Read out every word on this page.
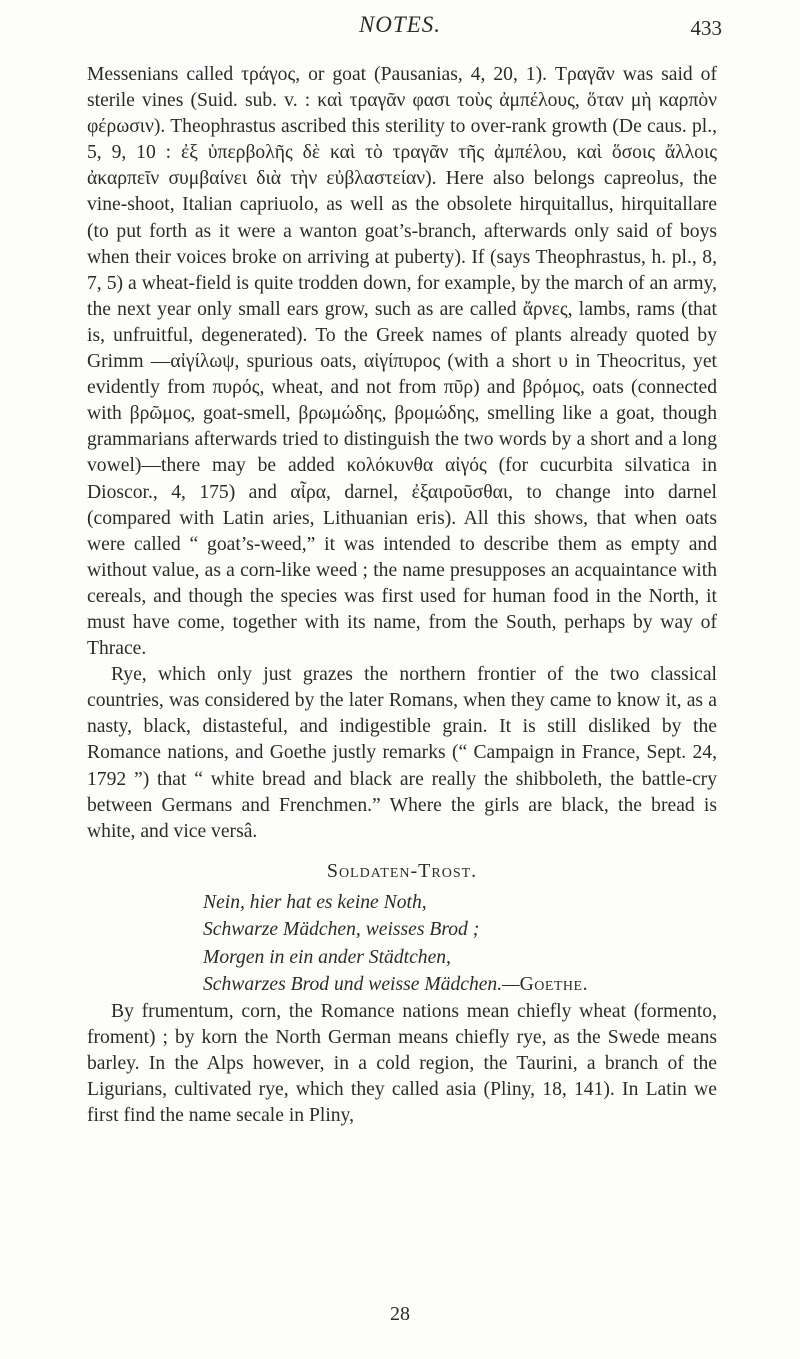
NOTES.	433

Messenians called τράγος, or goat (Pausanias, 4, 20, 1). Τραγᾶν was said of sterile vines (Suid. sub. v. : καὶ τραγᾶν φασι τοὺς ἀμπέλους, ὅταν μὴ καρπὸν φέρωσιν). Theophrastus ascribed this sterility to over-rank growth (De caus. pl., 5, 9, 10 : ἐξ ὑπερβολῆς δὲ καὶ τὸ τραγᾶν τῆς ἀμπέλου, καὶ ὅσοις ἄλλοις ἀκαρπεῖν συμβαίνει διὰ τὴν εὐβλαστείαν). Here also belongs capreolus, the vine-shoot, Italian capriuolo, as well as the obsolete hirquitallus, hirquitallare (to put forth as it were a wanton goat’s-branch, afterwards only said of boys when their voices broke on arriving at puberty). If (says Theophrastus, h. pl., 8, 7, 5) a wheat-field is quite trodden down, for example, by the march of an army, the next year only small ears grow, such as are called ἄρνες, lambs, rams (that is, unfruitful, degenerated). To the Greek names of plants already quoted by Grimm —αἰγίλωψ, spurious oats, αἰγίπυρος (with a short υ in Theocritus, yet evidently from πυρός, wheat, and not from πῦρ) and βρόμος, oats (connected with βρῶμος, goat-smell, βρωμώδης, βρομώδης, smelling like a goat, though grammarians afterwards tried to distinguish the two words by a short and a long vowel)—there may be added κολόκυνθα αἰγός (for cucurbita silvatica in Dioscor., 4, 175) and αἶρα, darnel, ἐξαιροῦσθαι, to change into darnel (compared with Latin aries, Lithuanian eris). All this shows, that when oats were called “ goat’s-weed,” it was intended to describe them as empty and without value, as a corn-like weed ; the name presupposes an acquaintance with cereals, and though the species was first used for human food in the North, it must have come, together with its name, from the South, perhaps by way of Thrace.

Rye, which only just grazes the northern frontier of the two classical countries, was considered by the later Romans, when they came to know it, as a nasty, black, distasteful, and indigestible grain. It is still disliked by the Romance nations, and Goethe justly remarks (“ Campaign in France, Sept. 24, 1792 ”) that “ white bread and black are really the shibboleth, the battle-cry between Germans and Frenchmen.” Where the girls are black, the bread is white, and vice versâ.

Soldaten-Trost.
Nein, hier hat es keine Noth,
Schwarze Mädchen, weisses Brod ;
Morgen in ein ander Städtchen,
Schwarzes Brod und weisse Mädchen.—Goethe.

By frumentum, corn, the Romance nations mean chiefly wheat (formento, froment) ; by korn the North German means chiefly rye, as the Swede means barley. In the Alps however, in a cold region, the Taurini, a branch of the Ligurians, cultivated rye, which they called asia (Pliny, 18, 141). In Latin we first find the name secale in Pliny,

28
